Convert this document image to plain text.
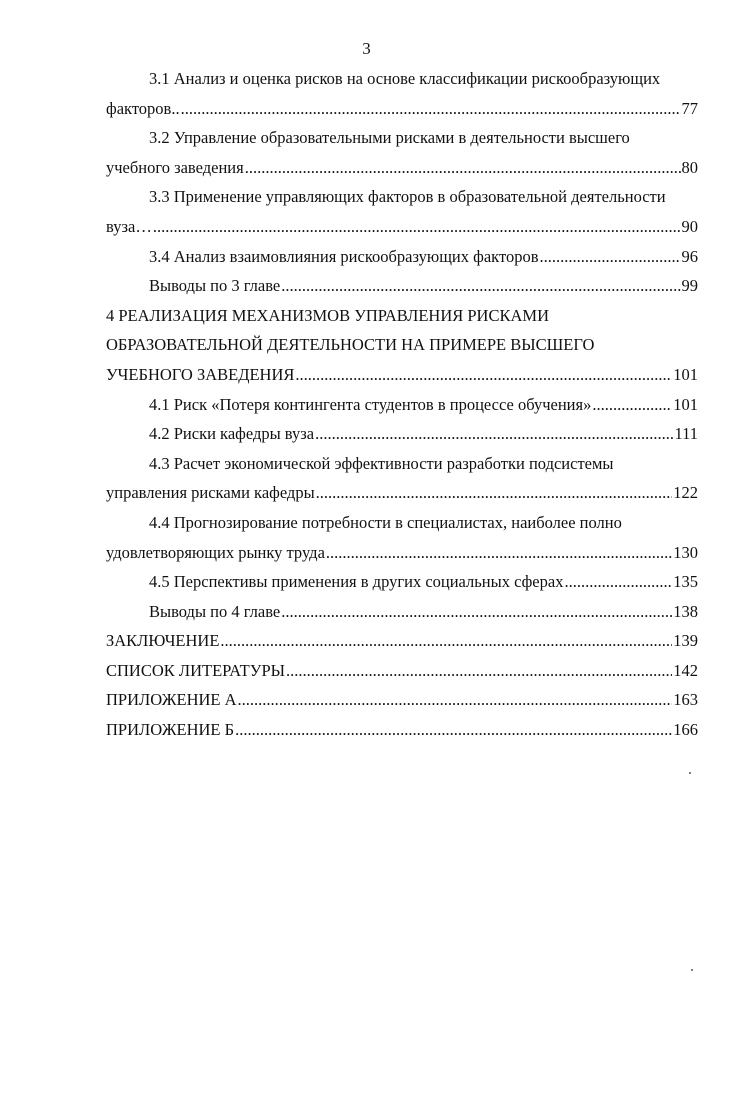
3
3.1 Анализ и оценка рисков на основе классификации рискообразующих
факторов.. .....	77
3.2 Управление образовательными рисками в деятельности высшего
учебного заведения .....	80
3.3 Применение управляющих факторов в образовательной деятельности
вуза… .....	90
3.4 Анализ взаимовлияния рискообразующих факторов .....	96
Выводы по 3 главе .....	99
4 РЕАЛИЗАЦИЯ МЕХАНИЗМОВ УПРАВЛЕНИЯ РИСКАМИ
ОБРАЗОВАТЕЛЬНОЙ ДЕЯТЕЛЬНОСТИ НА ПРИМЕРЕ ВЫСШЕГО
УЧЕБНОГО ЗАВЕДЕНИЯ .....	101
4.1 Риск «Потеря контингента студентов в процессе обучения» .....	101
4.2 Риски кафедры вуза .....	111
4.3 Расчет экономической эффективности разработки подсистемы
управления рисками кафедры .....	122
4.4 Прогнозирование потребности в специалистах, наиболее полно
удовлетворяющих рынку труда .....	130
4.5 Перспективы применения в других социальных сферах .....	135
Выводы по 4 главе .....	138
ЗАКЛЮЧЕНИЕ .....	139
СПИСОК ЛИТЕРАТУРЫ .....	142
ПРИЛОЖЕНИЕ А .....	163
ПРИЛОЖЕНИЕ Б .....	166
